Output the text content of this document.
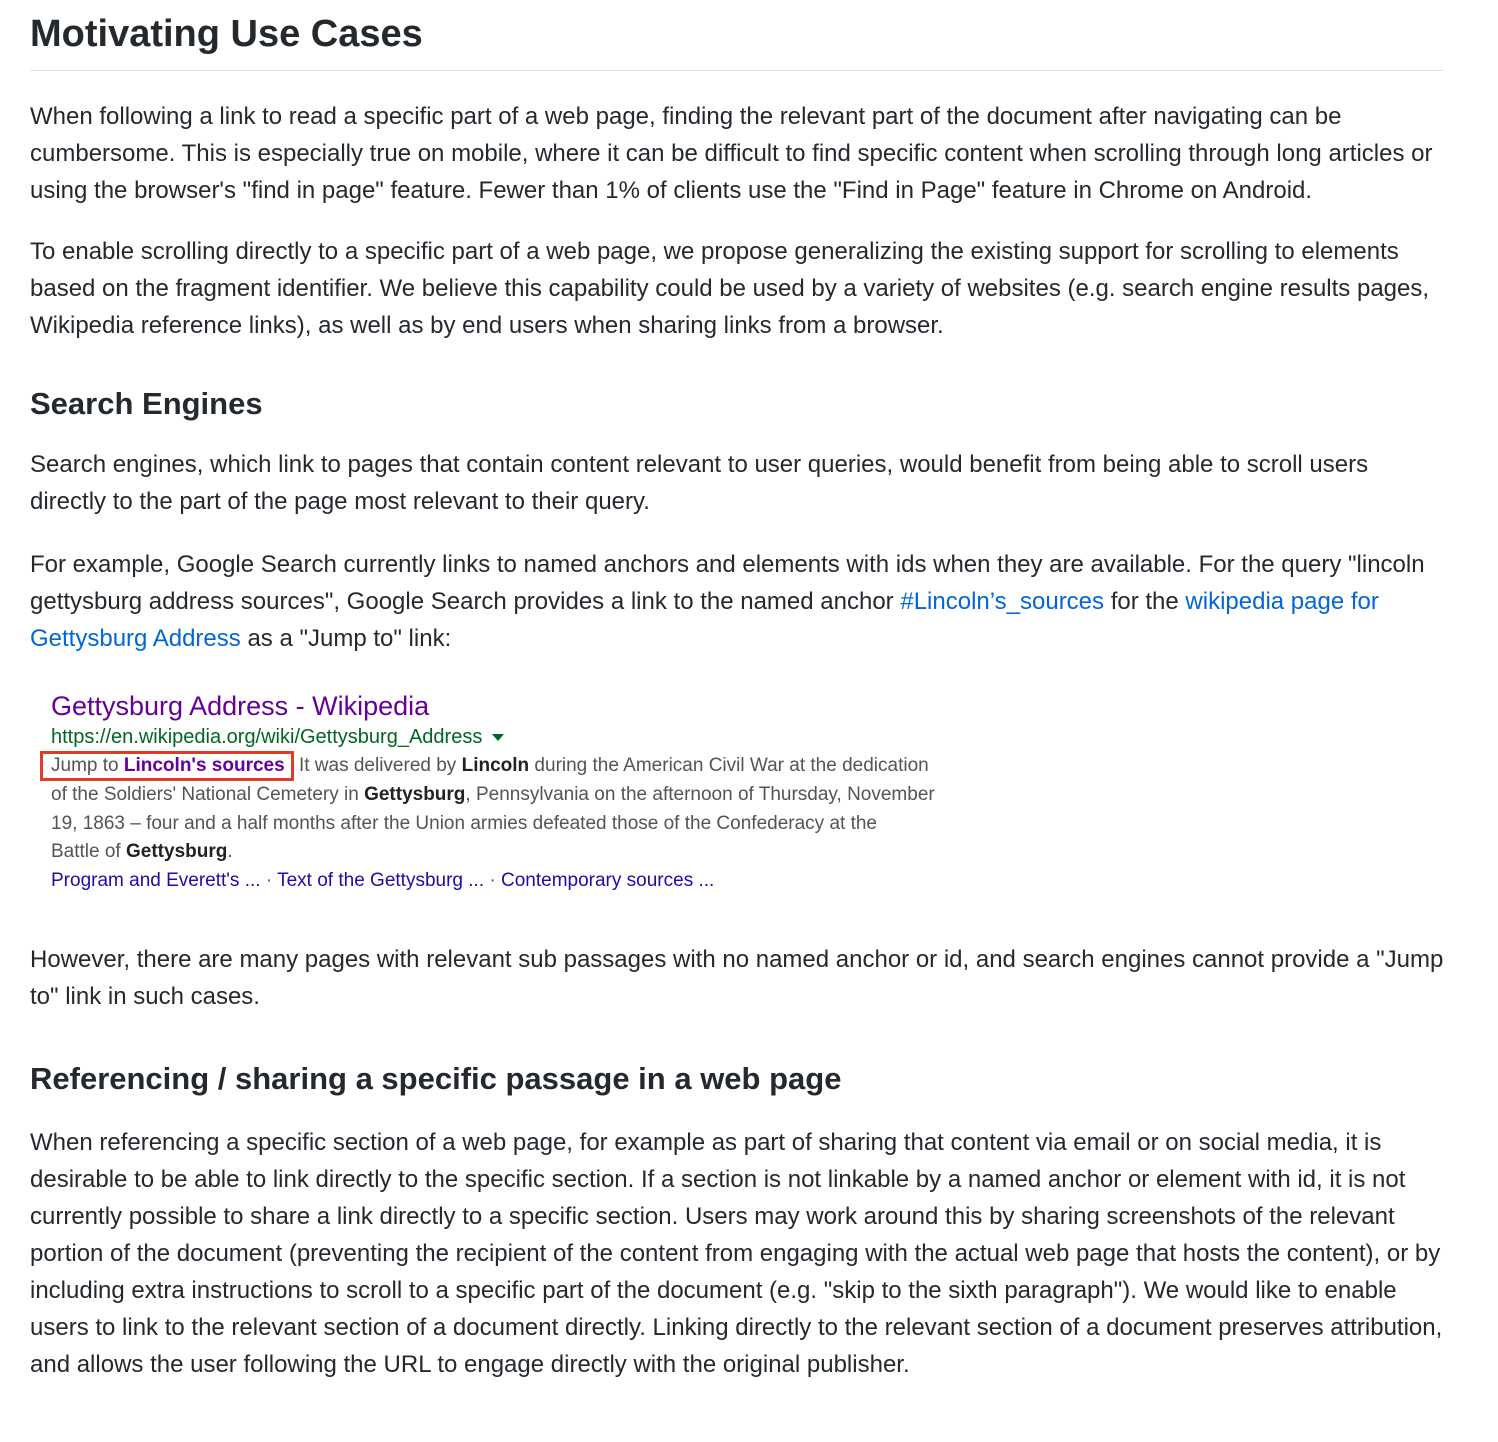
Motivating Use Cases

When following a link to read a specific part of a web page, finding the relevant part of the document after navigating can be cumbersome. This is especially true on mobile, where it can be difficult to find specific content when scrolling through long articles or using the browser's "find in page" feature. Fewer than 1% of clients use the "Find in Page" feature in Chrome on Android.

To enable scrolling directly to a specific part of a web page, we propose generalizing the existing support for scrolling to elements based on the fragment identifier. We believe this capability could be used by a variety of websites (e.g. search engine results pages, Wikipedia reference links), as well as by end users when sharing links from a browser.

Search Engines

Search engines, which link to pages that contain content relevant to user queries, would benefit from being able to scroll users directly to the part of the page most relevant to their query.

For example, Google Search currently links to named anchors and elements with ids when they are available. For the query "lincoln gettysburg address sources", Google Search provides a link to the named anchor #Lincoln’s_sources for the wikipedia page for Gettysburg Address as a "Jump to" link:

Gettysburg Address - Wikipedia
https://en.wikipedia.org/wiki/Gettysburg_Address
Jump to Lincoln's sources It was delivered by Lincoln during the American Civil War at the dedication
of the Soldiers' National Cemetery in Gettysburg, Pennsylvania on the afternoon of Thursday, November
19, 1863 – four and a half months after the Union armies defeated those of the Confederacy at the
Battle of Gettysburg.
Program and Everett's ... · Text of the Gettysburg ... · Contemporary sources ...

However, there are many pages with relevant sub passages with no named anchor or id, and search engines cannot provide a "Jump to" link in such cases.

Referencing / sharing a specific passage in a web page

When referencing a specific section of a web page, for example as part of sharing that content via email or on social media, it is desirable to be able to link directly to the specific section. If a section is not linkable by a named anchor or element with id, it is not currently possible to share a link directly to a specific section. Users may work around this by sharing screenshots of the relevant portion of the document (preventing the recipient of the content from engaging with the actual web page that hosts the content), or by including extra instructions to scroll to a specific part of the document (e.g. "skip to the sixth paragraph"). We would like to enable users to link to the relevant section of a document directly. Linking directly to the relevant section of a document preserves attribution, and allows the user following the URL to engage directly with the original publisher.
